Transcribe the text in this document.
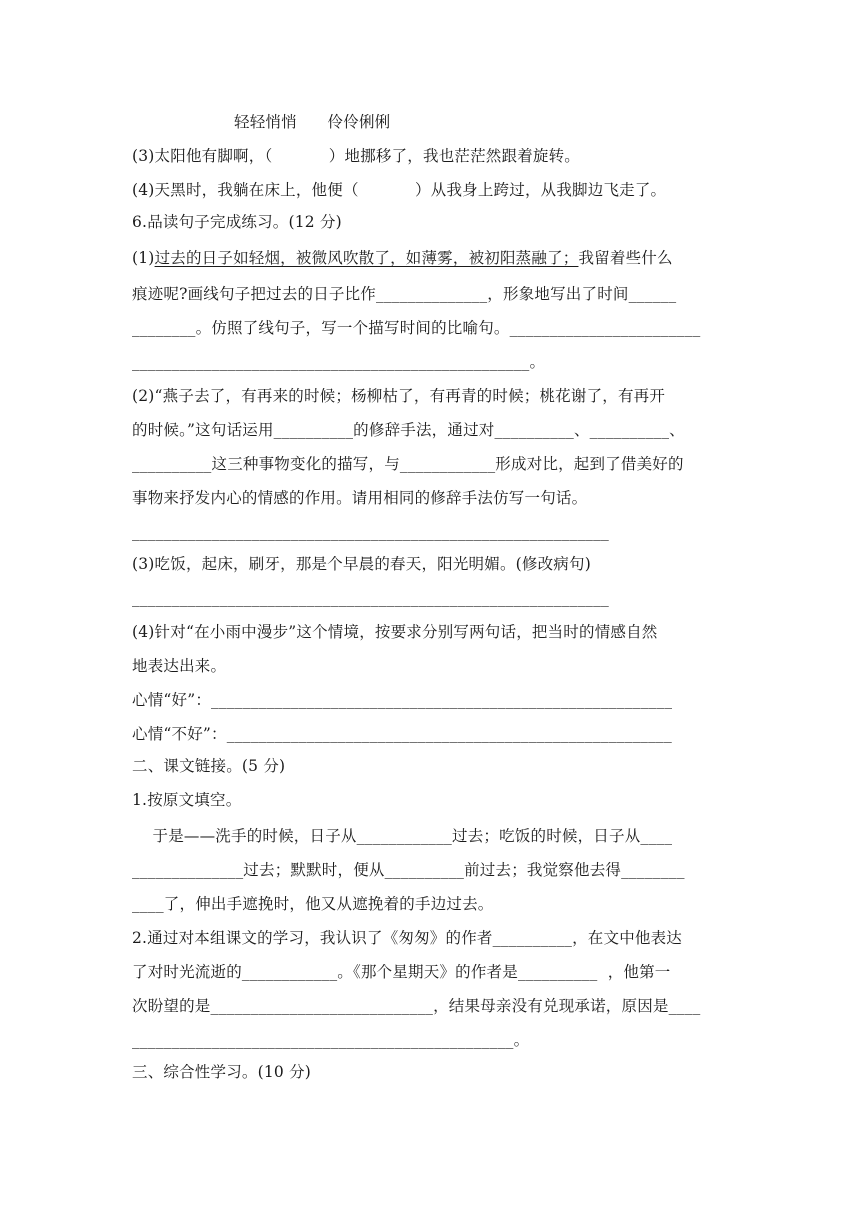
轻轻悄悄      伶伶俐俐
(3)太阳他有脚啊，（           ）地挪移了，我也茫茫然跟着旋转。
(4)天黑时，我躺在床上，他便（           ）从我身上跨过，从我脚边飞走了。
6.品读句子完成练习。(12 分)
(1)过去的日子如轻烟，被微风吹散了，如薄雾，被初阳蒸融了；我留着些什么
痕迹呢?画线句子把过去的日子比作______________，形象地写出了时间______
________。仿照了线句子，写一个描写时间的比喻句。________________________
__________________________________________________。
(2)“燕子去了，有再来的时候；杨柳枯了，有再青的时候；桃花谢了，有再开
的时候。”这句话运用__________的修辞手法，通过对__________、__________、
__________这三种事物变化的描写，与____________形成对比，起到了借美好的
事物来抒发内心的情感的作用。请用相同的修辞手法仿写一句话。
____________________________________________________________
(3)吃饭，起床，刷牙，那是个早晨的春天，阳光明媚。(修改病句)
____________________________________________________________
(4)针对“在小雨中漫步”这个情境，按要求分别写两句话，把当时的情感自然
地表达出来。
心情“好”：__________________________________________________________
心情“不好”：________________________________________________________
二、课文链接。(5 分)
1.按原文填空。
于是——洗手的时候，日子从____________过去；吃饭的时候，日子从____
______________过去；默默时，便从__________前过去；我觉察他去得________
____了，伸出手遮挽时，他又从遮挽着的手边过去。
2.通过对本组课文的学习，我认识了《匆匆》的作者__________，在文中他表达
了对时光流逝的____________。《那个星期天》的作者是__________  ，他第一
次盼望的是____________________________，结果母亲没有兑现承诺，原因是____
________________________________________________。
三、综合性学习。(10 分)
